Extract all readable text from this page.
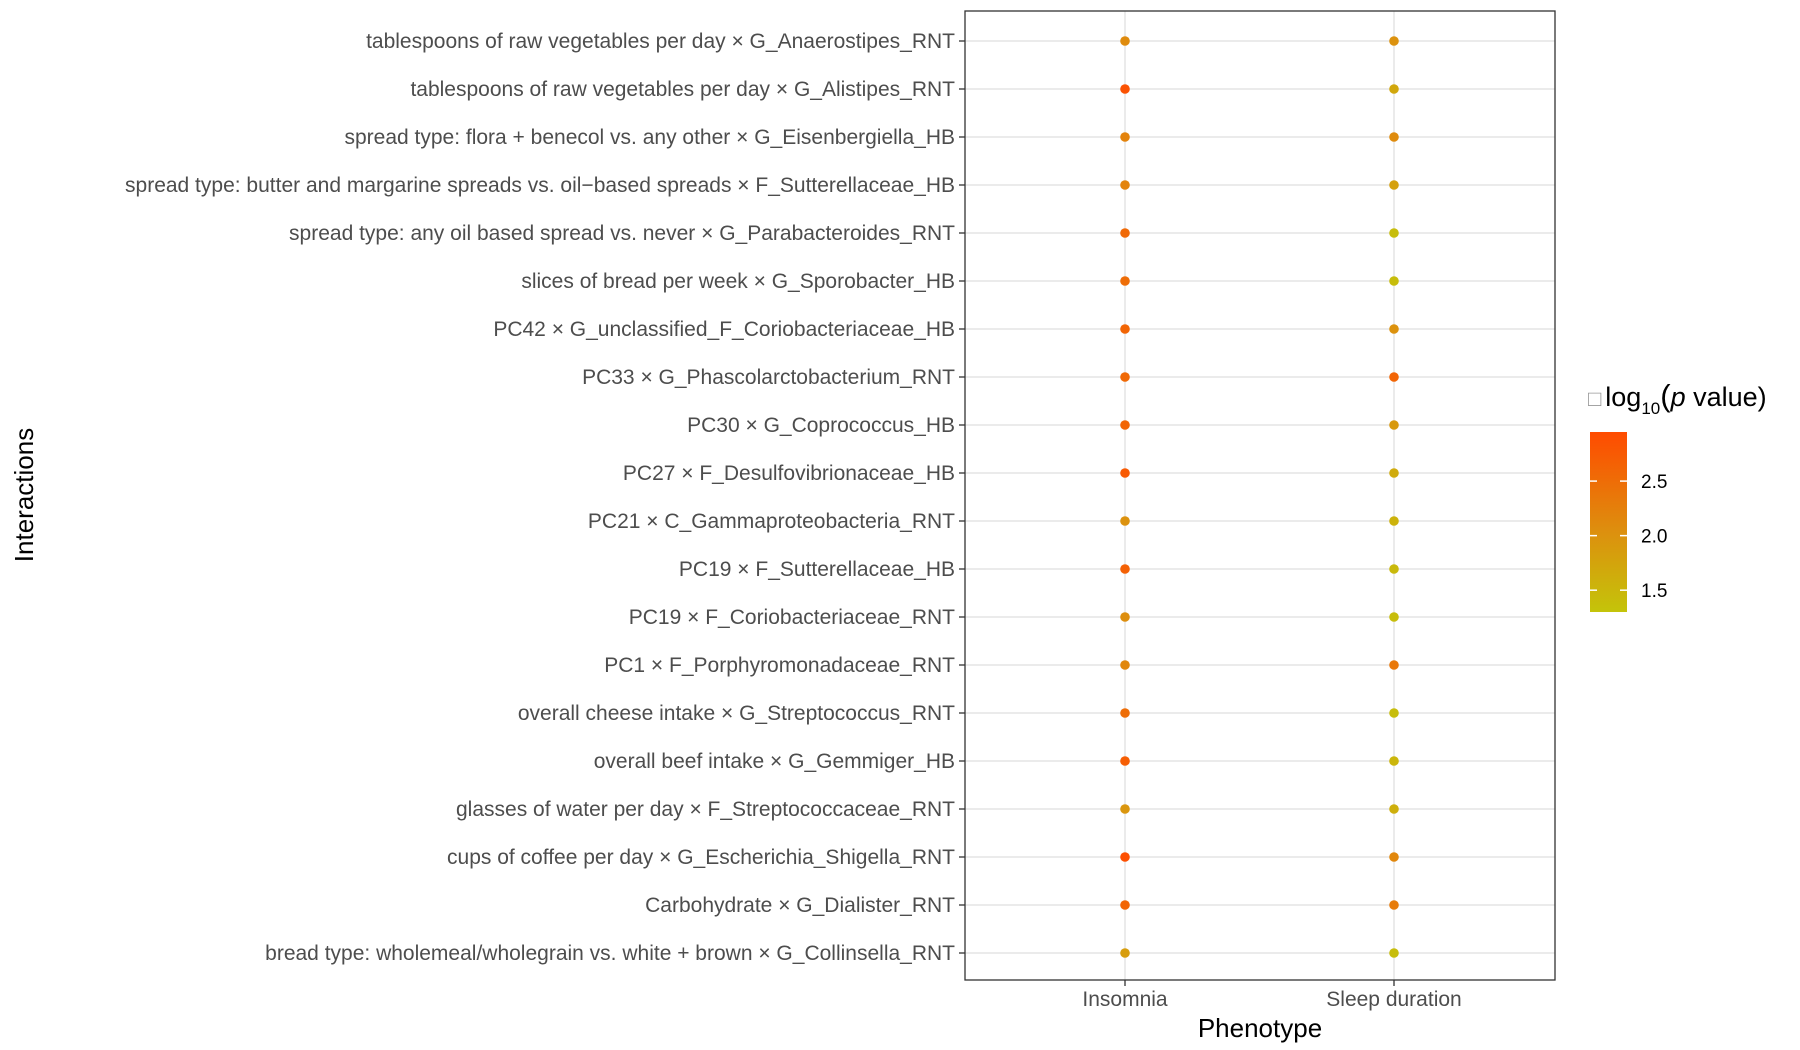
tablespoons of raw vegetables per day × G_Anaerostipes_RNT
tablespoons of raw vegetables per day × G_Alistipes_RNT
spread type: flora + benecol vs. any other × G_Eisenbergiella_HB
spread type: butter and margarine spreads vs. oil−based spreads × F_Sutterellaceae_HB
spread type: any oil based spread vs. never × G_Parabacteroides_RNT
slices of bread per week × G_Sporobacter_HB
PC42 × G_unclassified_F_Coriobacteriaceae_HB
PC33 × G_Phascolarctobacterium_RNT
PC30 × G_Coprococcus_HB
PC27 × F_Desulfovibrionaceae_HB
PC21 × C_Gammaproteobacteria_RNT
PC19 × F_Sutterellaceae_HB
PC19 × F_Coriobacteriaceae_RNT
PC1 × F_Porphyromonadaceae_RNT
overall cheese intake × G_Streptococcus_RNT
overall beef intake × G_Gemmiger_HB
glasses of water per day × F_Streptococcaceae_RNT
cups of coffee per day × G_Escherichia_Shigella_RNT
Carbohydrate × G_Dialister_RNT
bread type: wholemeal/wholegrain vs. white + brown × G_Collinsella_RNT
Insomnia	Sleep duration
Phenotype
Interactions
□ $\log_{10}(p$ value)
2.5
2.0
1.5
